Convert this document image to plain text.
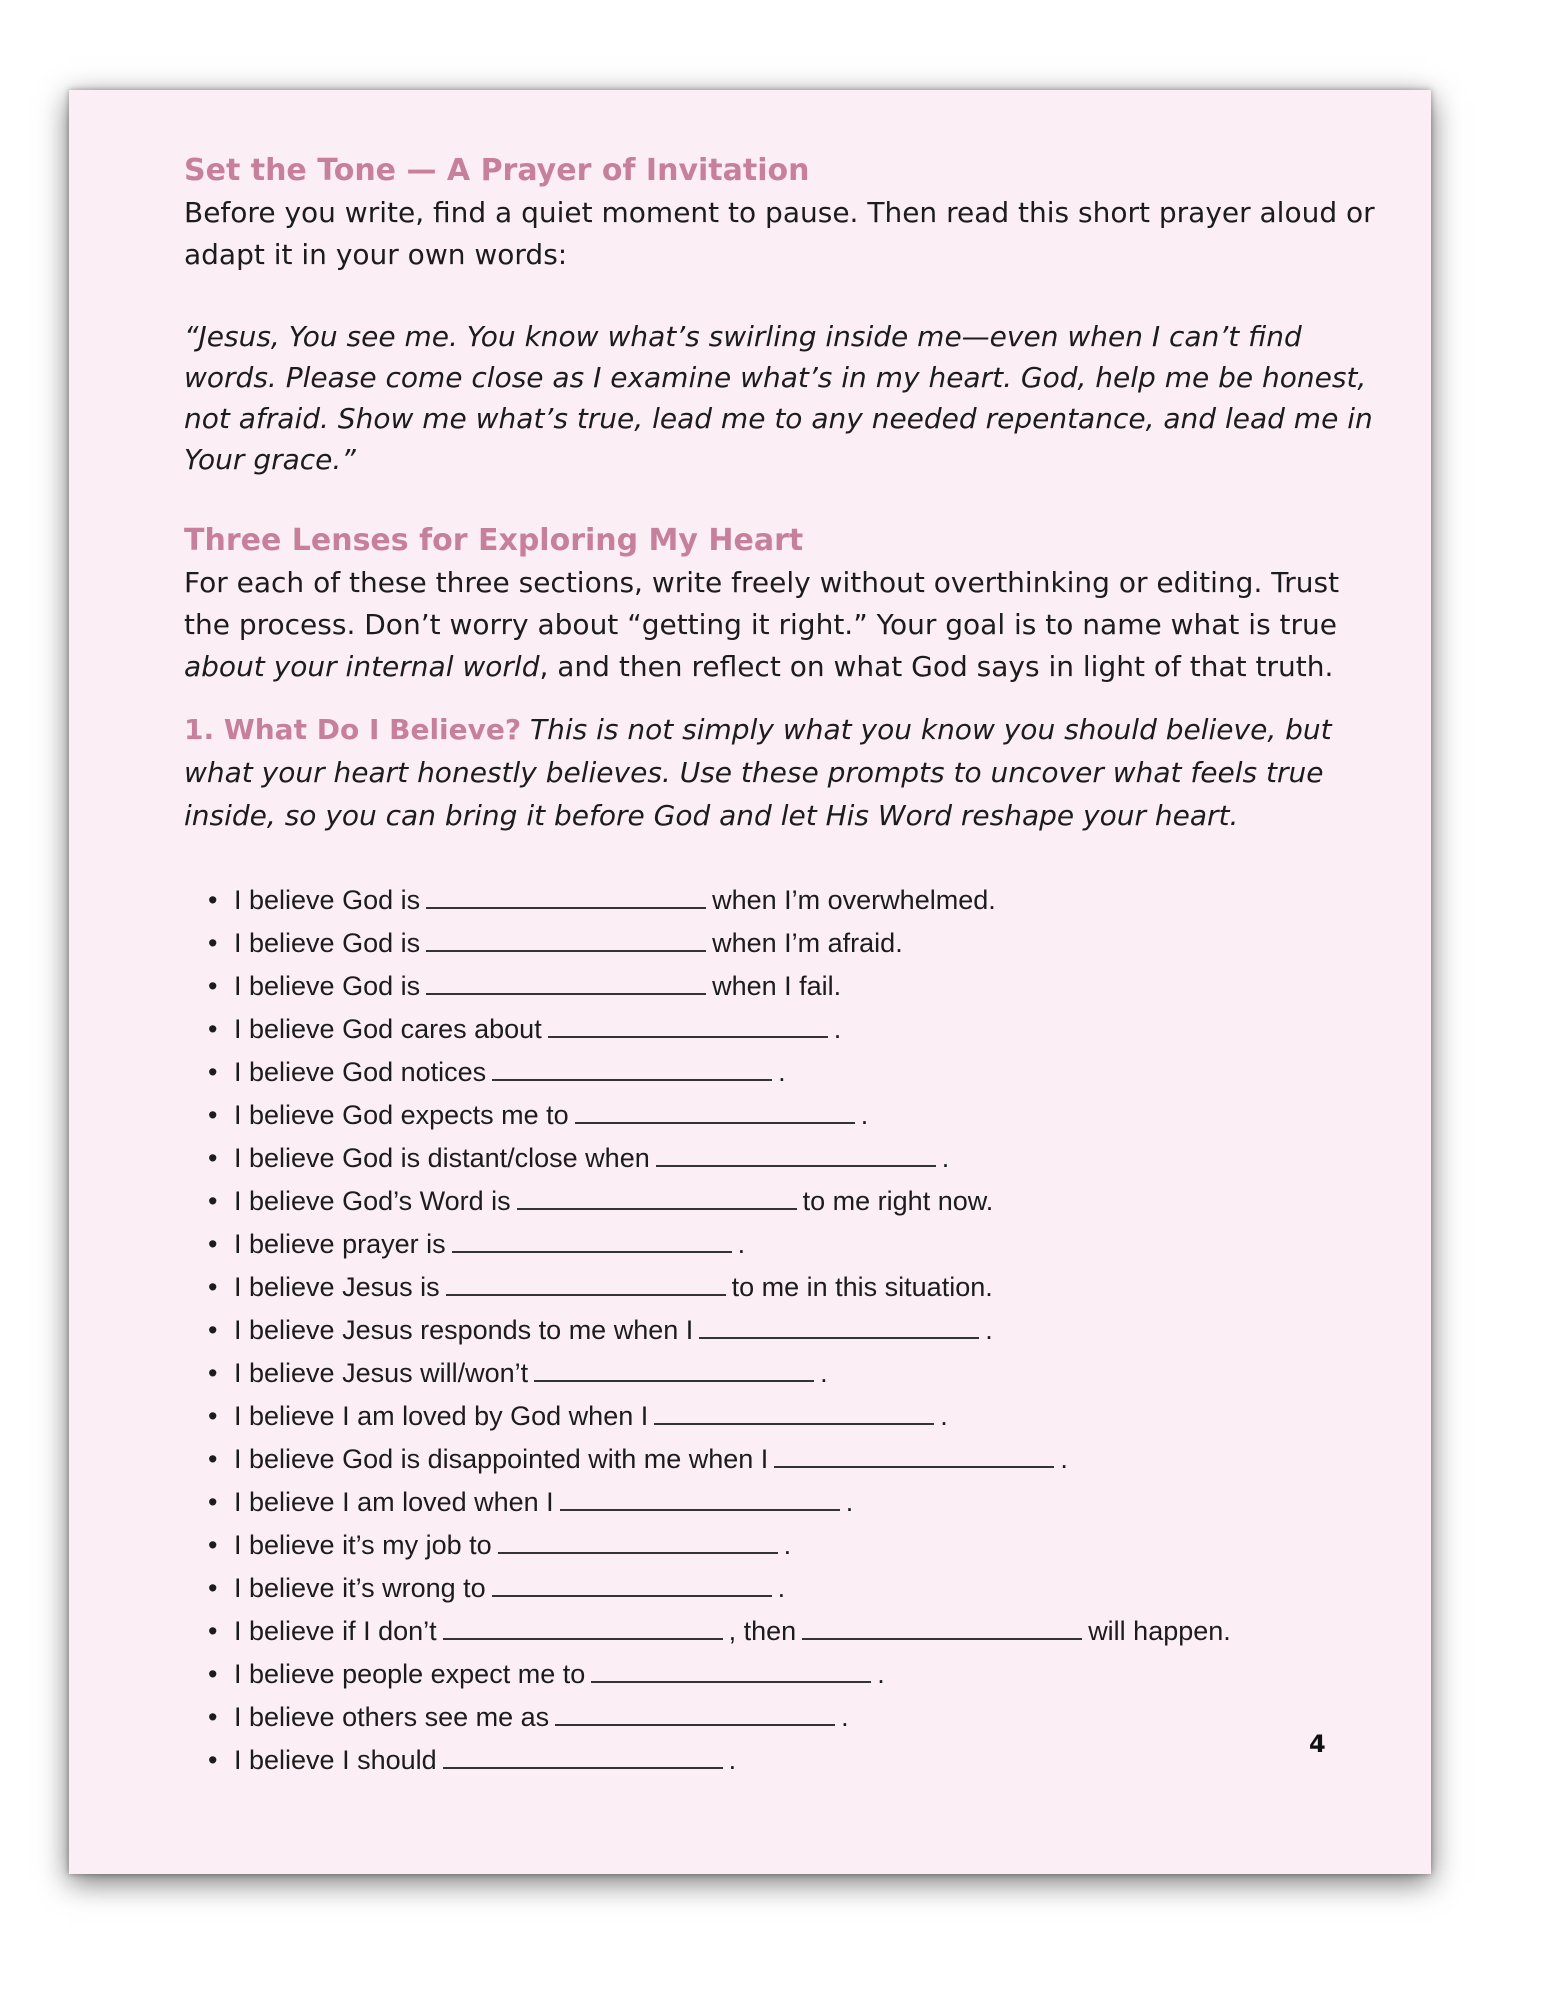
Set the Tone — A Prayer of Invitation

Before you write, find a quiet moment to pause. Then read this short prayer aloud or adapt it in your own words:

“Jesus, You see me. You know what’s swirling inside me—even when I can’t find words. Please come close as I examine what’s in my heart. God, help me be honest, not afraid. Show me what’s true, lead me to any needed repentance, and lead me in Your grace.”

Three Lenses for Exploring My Heart

For each of these three sections, write freely without overthinking or editing. Trust the process. Don’t worry about “getting it right.” Your goal is to name what is true about your internal world, and then reflect on what God says in light of that truth.

1. What Do I Believe? This is not simply what you know you should believe, but what your heart honestly believes. Use these prompts to uncover what feels true inside, so you can bring it before God and let His Word reshape your heart.

• I believe God is	when I’m overwhelmed.
• I believe God is	when I’m afraid.
• I believe God is	when I fail.
• I believe God cares about	.
• I believe God notices	.
• I believe God expects me to	.
• I believe God is distant/close when	.
• I believe God’s Word is	to me right now.
• I believe prayer is	.
• I believe Jesus is	to me in this situation.
• I believe Jesus responds to me when I	.
• I believe Jesus will/won’t	.
• I believe I am loved by God when I	.
• I believe God is disappointed with me when I	.
• I believe I am loved when I	.
• I believe it’s my job to	.
• I believe it’s wrong to	.
• I believe if I don’t	, then	will happen.
• I believe people expect me to	.
• I believe others see me as	.
• I believe I should	.
4
